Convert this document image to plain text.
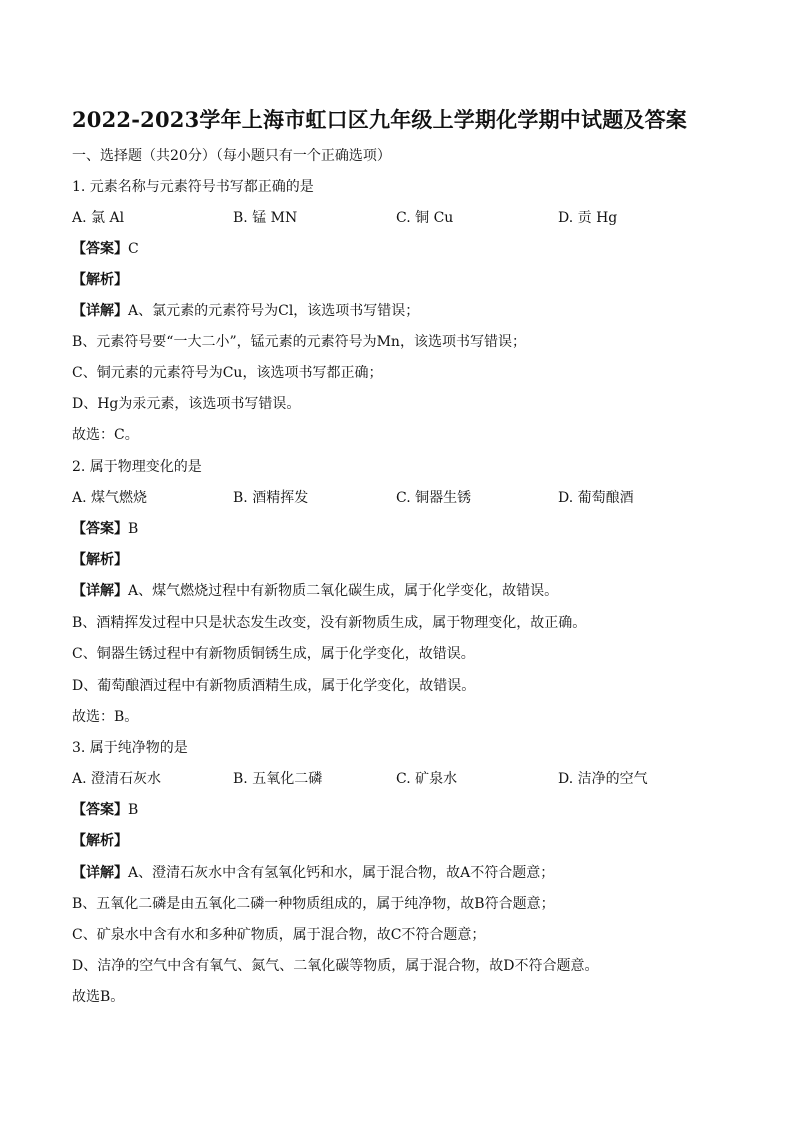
2022-2023学年上海市虹口区九年级上学期化学期中试题及答案
一、选择题（共20分）（每小题只有一个正确选项）
1. 元素名称与元素符号书写都正确的是
A. 氯 Al	B. 锰 MN	C. 铜 Cu	D. 贡 Hg
【答案】C
【解析】
【详解】A、氯元素的元素符号为Cl，该选项书写错误；
B、元素符号要“一大二小”，锰元素的元素符号为Mn，该选项书写错误；
C、铜元素的元素符号为Cu，该选项书写都正确；
D、Hg为汞元素，该选项书写错误。
故选：C。
2. 属于物理变化的是
A. 煤气燃烧	B. 酒精挥发	C. 铜器生锈	D. 葡萄酿酒
【答案】B
【解析】
【详解】A、煤气燃烧过程中有新物质二氧化碳生成，属于化学变化，故错误。
B、酒精挥发过程中只是状态发生改变，没有新物质生成，属于物理变化，故正确。
C、铜器生锈过程中有新物质铜锈生成，属于化学变化，故错误。
D、葡萄酿酒过程中有新物质酒精生成，属于化学变化，故错误。
故选：B。
3. 属于纯净物的是
A. 澄清石灰水	B. 五氧化二磷	C. 矿泉水	D. 洁净的空气
【答案】B
【解析】
【详解】A、澄清石灰水中含有氢氧化钙和水，属于混合物，故A不符合题意；
B、五氧化二磷是由五氧化二磷一种物质组成的，属于纯净物，故B符合题意；
C、矿泉水中含有水和多种矿物质，属于混合物，故C不符合题意；
D、洁净的空气中含有氧气、氮气、二氧化碳等物质，属于混合物，故D不符合题意。
故选B。
